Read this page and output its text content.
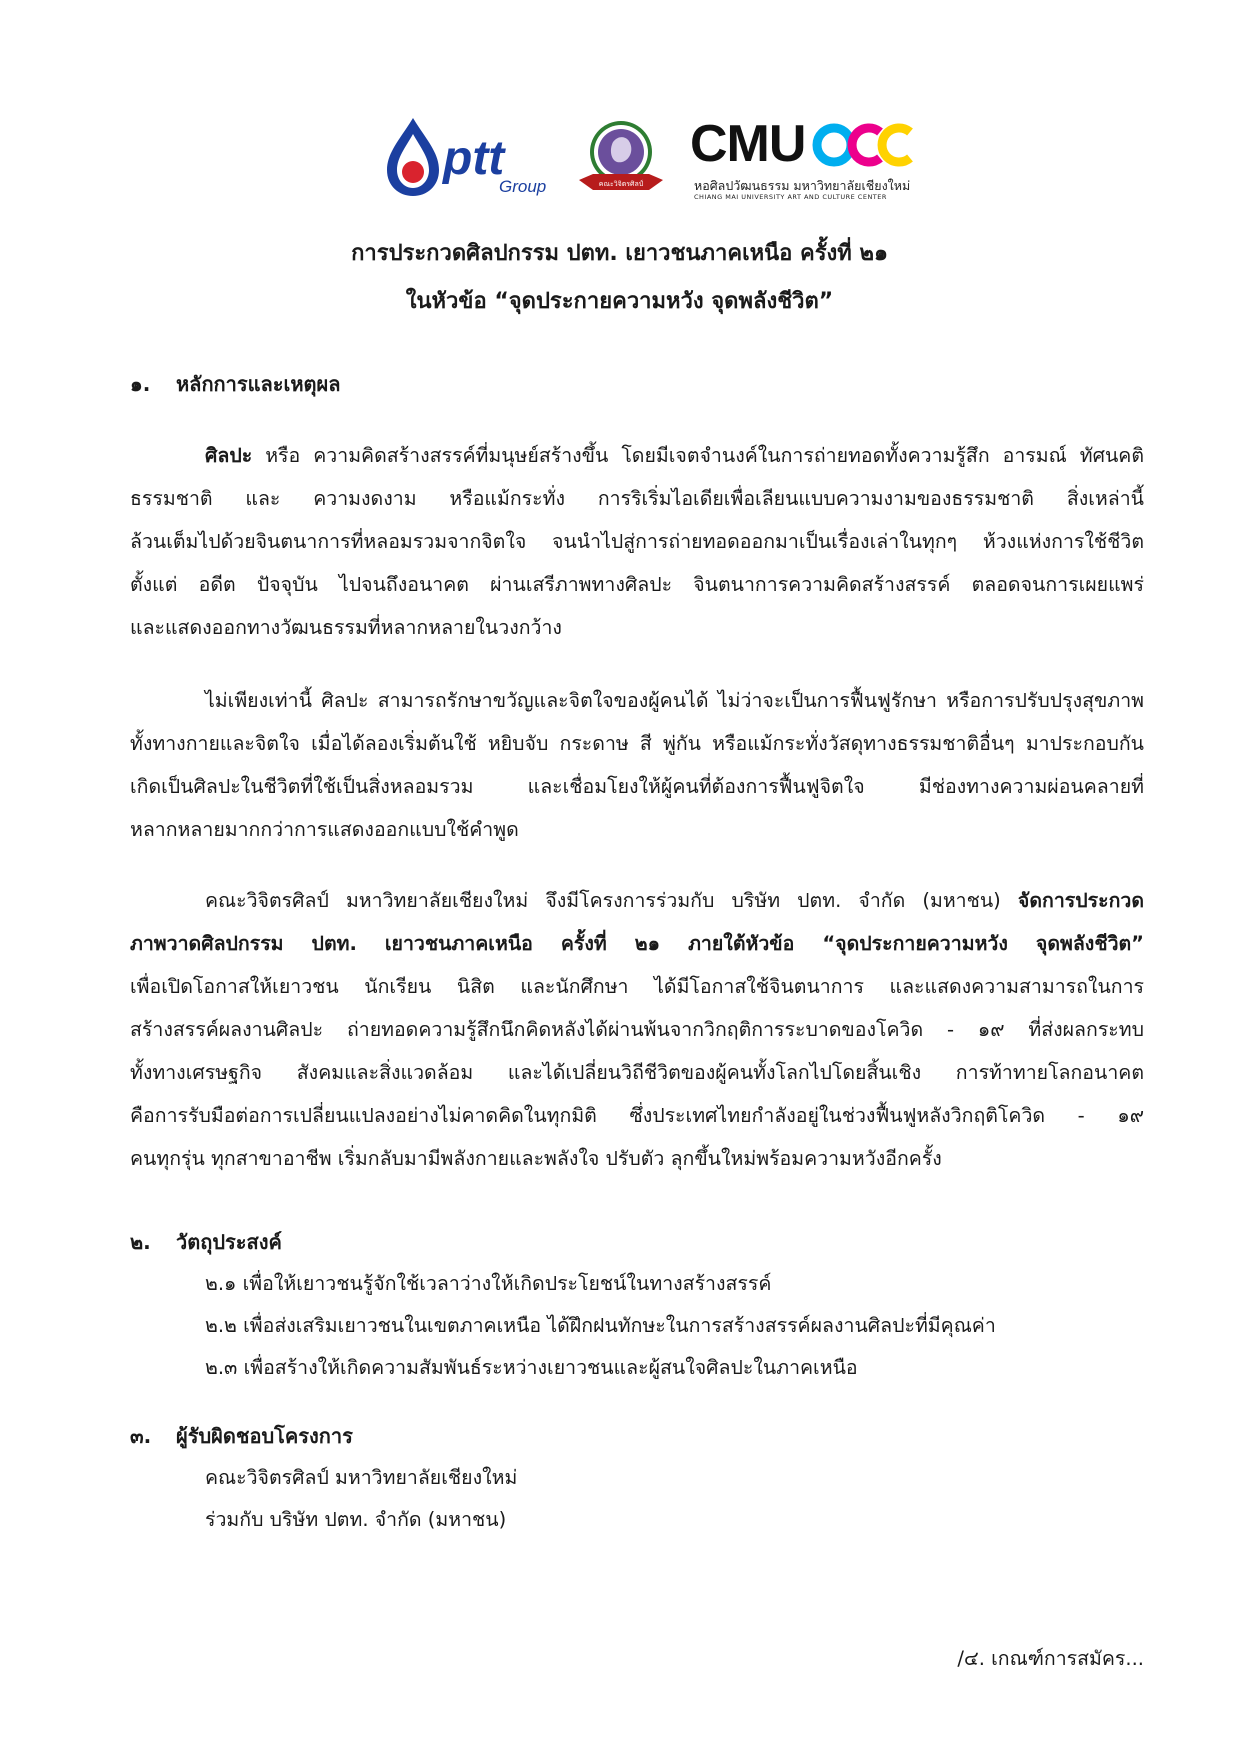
ptt
Group	คณะวิจิตรศิลป์
CMU
หอศิลปวัฒนธรรม มหาวิทยาลัยเชียงใหม่
CHIANG MAI UNIVERSITY ART AND CULTURE CENTER
การประกวดศิลปกรรม ปตท. เยาวชนภาคเหนือ ครั้งที่ ๒๑
ในหัวข้อ “จุดประกายความหวัง จุดพลังชีวิต”
๑. หลักการและเหตุผล
ศิลปะ หรือ ความคิดสร้างสรรค์ที่มนุษย์สร้างขึ้น โดยมีเจตจำนงค์ในการถ่ายทอดทั้งความรู้สึก อารมณ์ ทัศนคติ
ธรรมชาติ และ ความงดงาม หรือแม้กระทั่ง การริเริ่มไอเดียเพื่อเลียนแบบความงามของธรรมชาติ สิ่งเหล่านี้
ล้วนเต็มไปด้วยจินตนาการที่หลอมรวมจากจิตใจ จนนำไปสู่การถ่ายทอดออกมาเป็นเรื่องเล่าในทุกๆ ห้วงแห่งการใช้ชีวิต
ตั้งแต่ อดีต ปัจจุบัน ไปจนถึงอนาคต ผ่านเสรีภาพทางศิลปะ จินตนาการความคิดสร้างสรรค์ ตลอดจนการเผยแพร่
และแสดงออกทางวัฒนธรรมที่หลากหลายในวงกว้าง
ไม่เพียงเท่านี้ ศิลปะ สามารถรักษาขวัญและจิตใจของผู้คนได้ ไม่ว่าจะเป็นการฟื้นฟูรักษา หรือการปรับปรุงสุขภาพ
ทั้งทางกายและจิตใจ เมื่อได้ลองเริ่มต้นใช้ หยิบจับ กระดาษ สี พู่กัน หรือแม้กระทั่งวัสดุทางธรรมชาติอื่นๆ มาประกอบกัน
เกิดเป็นศิลปะในชีวิตที่ใช้เป็นสิ่งหลอมรวม และเชื่อมโยงให้ผู้คนที่ต้องการฟื้นฟูจิตใจ มีช่องทางความผ่อนคลายที่
หลากหลายมากกว่าการแสดงออกแบบใช้คำพูด
คณะวิจิตรศิลป์ มหาวิทยาลัยเชียงใหม่ จึงมีโครงการร่วมกับ บริษัท ปตท. จำกัด (มหาชน) จัดการประกวด
ภาพวาดศิลปกรรม ปตท. เยาวชนภาคเหนือ ครั้งที่ ๒๑ ภายใต้หัวข้อ “จุดประกายความหวัง จุดพลังชีวิต”
เพื่อเปิดโอกาสให้เยาวชน นักเรียน นิสิต และนักศึกษา ได้มีโอกาสใช้จินตนาการ และแสดงความสามารถในการ
สร้างสรรค์ผลงานศิลปะ ถ่ายทอดความรู้สึกนึกคิดหลังได้ผ่านพ้นจากวิกฤติการระบาดของโควิด - ๑๙ ที่ส่งผลกระทบ
ทั้งทางเศรษฐกิจ สังคมและสิ่งแวดล้อม และได้เปลี่ยนวิถีชีวิตของผู้คนทั้งโลกไปโดยสิ้นเชิง การท้าทายโลกอนาคต
คือการรับมือต่อการเปลี่ยนแปลงอย่างไม่คาดคิดในทุกมิติ ซึ่งประเทศไทยกำลังอยู่ในช่วงฟื้นฟูหลังวิกฤติโควิด - ๑๙
คนทุกรุ่น ทุกสาขาอาชีพ เริ่มกลับมามีพลังกายและพลังใจ ปรับตัว ลุกขึ้นใหม่พร้อมความหวังอีกครั้ง
๒. วัตถุประสงค์
๒.๑ เพื่อให้เยาวชนรู้จักใช้เวลาว่างให้เกิดประโยชน์ในทางสร้างสรรค์
๒.๒ เพื่อส่งเสริมเยาวชนในเขตภาคเหนือ ได้ฝึกฝนทักษะในการสร้างสรรค์ผลงานศิลปะที่มีคุณค่า
๒.๓ เพื่อสร้างให้เกิดความสัมพันธ์ระหว่างเยาวชนและผู้สนใจศิลปะในภาคเหนือ
๓. ผู้รับผิดชอบโครงการ
คณะวิจิตรศิลป์ มหาวิทยาลัยเชียงใหม่
ร่วมกับ บริษัท ปตท. จำกัด (มหาชน)
/๔. เกณฑ์การสมัคร...
